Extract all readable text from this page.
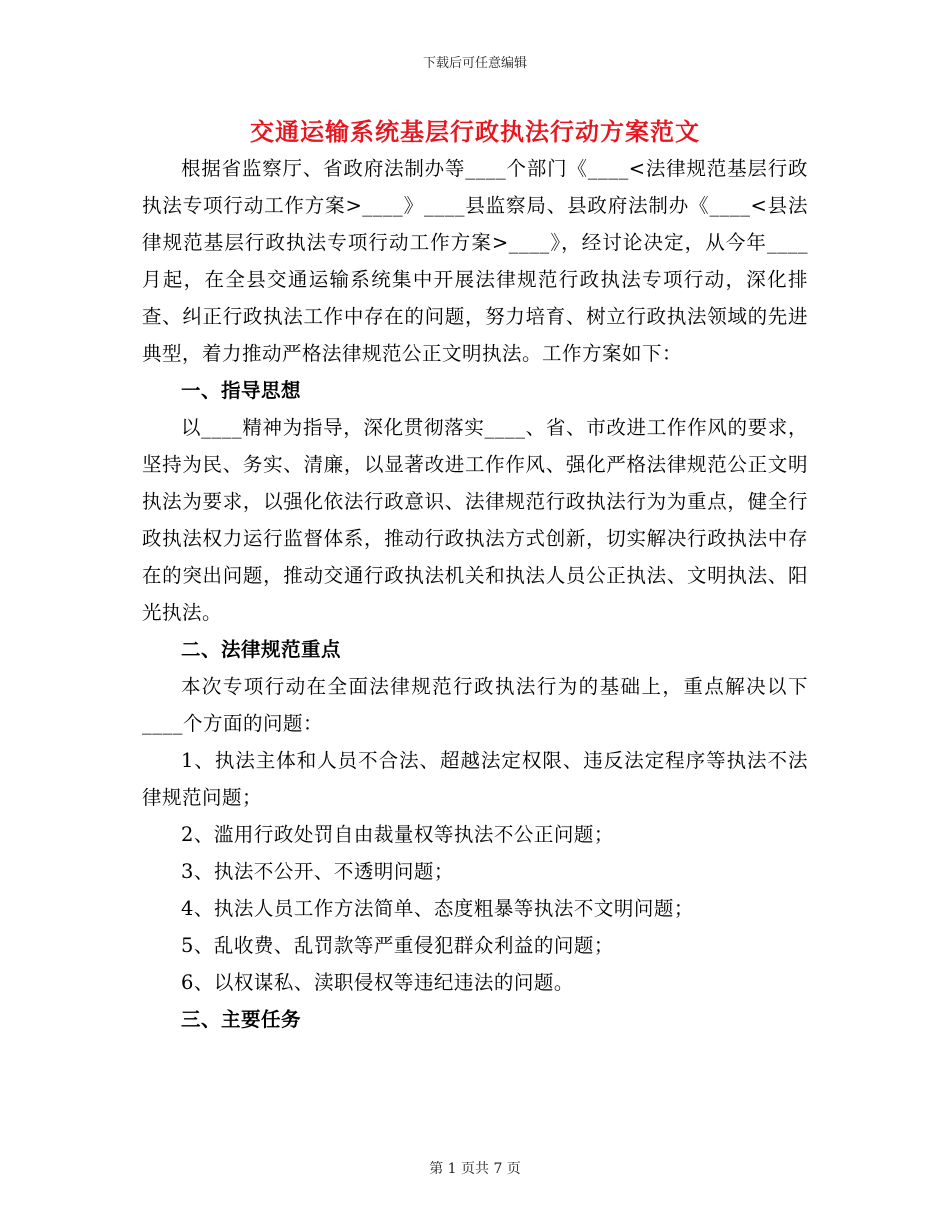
下载后可任意编辑
交通运输系统基层行政执法行动方案范文

根据省监察厅、省政府法制办等____个部门《____<法律规范基层行政执法专项行动工作方案>____》____县监察局、县政府法制办《____<县法律规范基层行政执法专项行动工作方案>____》，经讨论决定，从今年____月起，在全县交通运输系统集中开展法律规范行政执法专项行动，深化排查、纠正行政执法工作中存在的问题，努力培育、树立行政执法领域的先进典型，着力推动严格法律规范公正文明执法。工作方案如下：

一、指导思想

以____精神为指导，深化贯彻落实____、省、市改进工作作风的要求，坚持为民、务实、清廉，以显著改进工作作风、强化严格法律规范公正文明执法为要求，以强化依法行政意识、法律规范行政执法行为为重点，健全行政执法权力运行监督体系，推动行政执法方式创新，切实解决行政执法中存在的突出问题，推动交通行政执法机关和执法人员公正执法、文明执法、阳光执法。

二、法律规范重点

本次专项行动在全面法律规范行政执法行为的基础上，重点解决以下____个方面的问题：

1、执法主体和人员不合法、超越法定权限、违反法定程序等执法不法律规范问题；

2、滥用行政处罚自由裁量权等执法不公正问题；

3、执法不公开、不透明问题；

4、执法人员工作方法简单、态度粗暴等执法不文明问题；

5、乱收费、乱罚款等严重侵犯群众利益的问题；

6、以权谋私、渎职侵权等违纪违法的问题。

三、主要任务
第 1 页共 7 页
